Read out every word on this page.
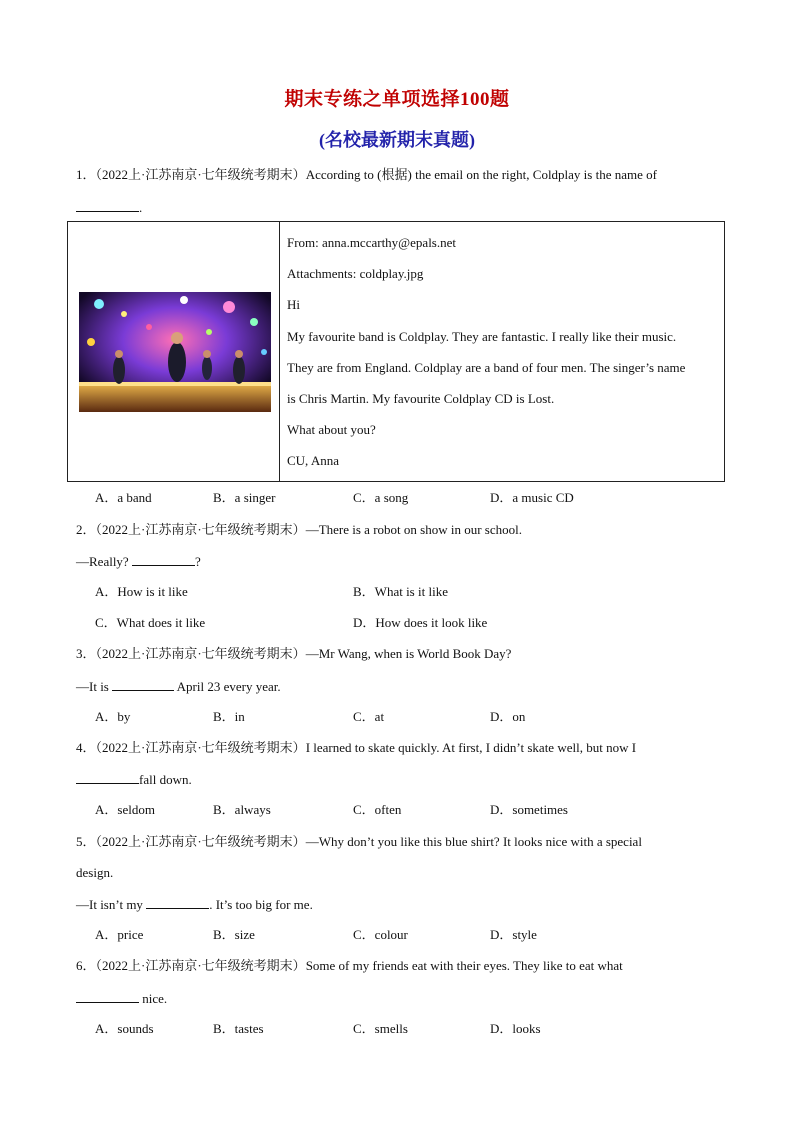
期末专练之单项选择100题
(名校最新期末真题)
1．（2022上·江苏南京·七年级统考期末）According to (根据) the email on the right, Coldplay is the name of
.
From: anna.mccarthy@epals.net
Attachments: coldplay.jpg
Hi
My favourite band is Coldplay. They are fantastic. I really like their music.
They are from England. Coldplay are a band of four men. The singer’s name
is Chris Martin. My favourite Coldplay CD is Lost.
What about you?
CU, Anna
A．a band	B．a singer	C．a song	D．a music CD
2．（2022上·江苏南京·七年级统考期末）—There is a robot on show in our school.
—Really?	?
A．How is it like	B．What is it like
C．What does it like	D．How does it look like
3．（2022上·江苏南京·七年级统考期末）—Mr Wang, when is World Book Day?
—It is	April 23 every year.
A．by	B．in	C．at	D．on
4．（2022上·江苏南京·七年级统考期末）I learned to skate quickly. At first, I didn’t skate well, but now I
fall down.
A．seldom	B．always	C．often	D．sometimes
5．（2022上·江苏南京·七年级统考期末）—Why don’t you like this blue shirt? It looks nice with a special
design.
—It isn’t my	. It’s too big for me.
A．price	B．size	C．colour	D．style
6．（2022上·江苏南京·七年级统考期末）Some of my friends eat with their eyes. They like to eat what
nice.
A．sounds	B．tastes	C．smells	D．looks
